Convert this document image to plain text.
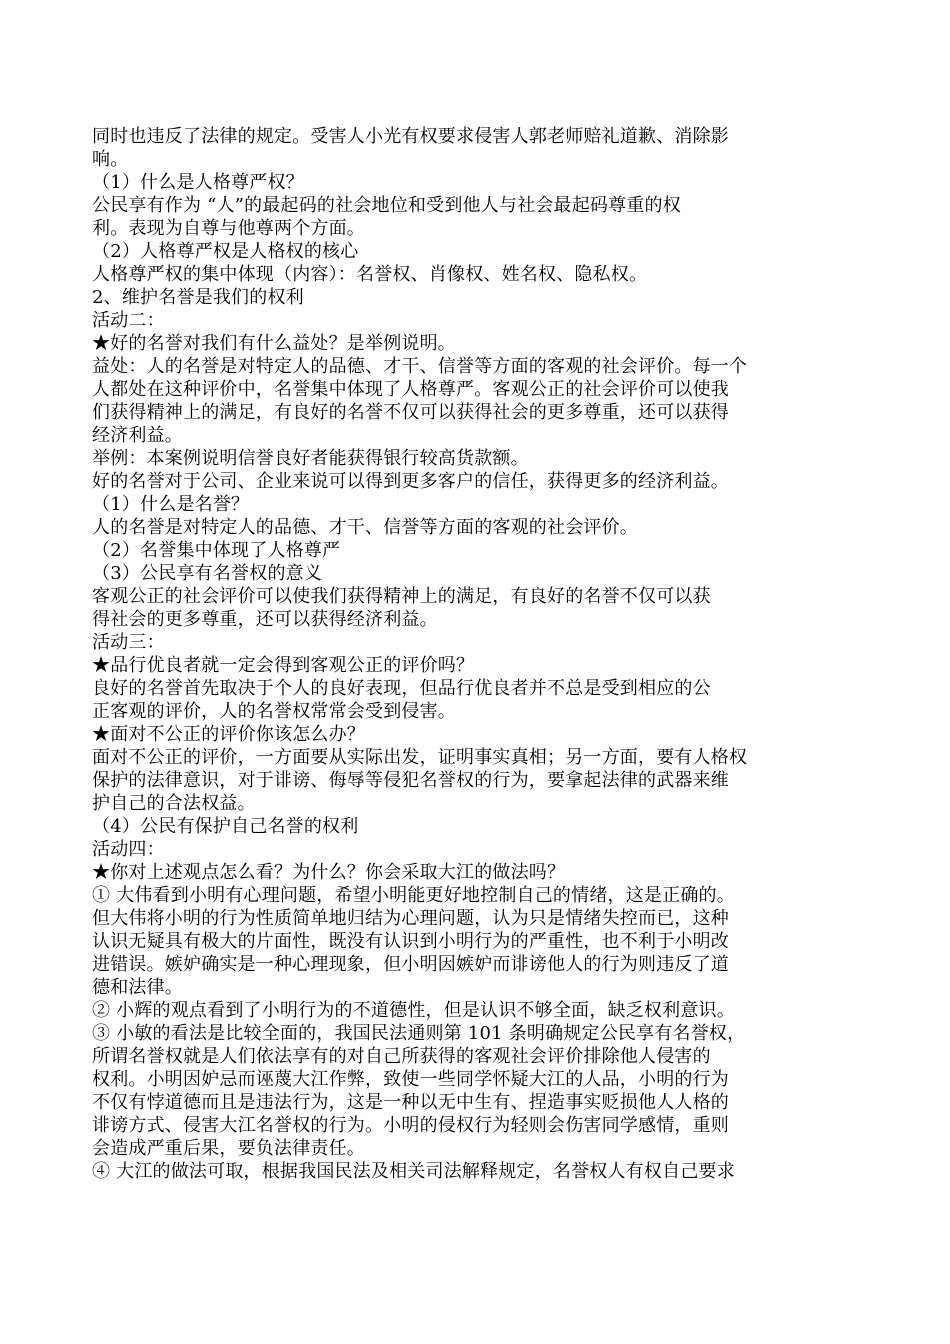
同时也违反了法律的规定。受害人小光有权要求侵害人郭老师赔礼道歉、消除影
响。
（1）什么是人格尊严权？
公民享有作为 “人”的最起码的社会地位和受到他人与社会最起码尊重的权
利。表现为自尊与他尊两个方面。
（2）人格尊严权是人格权的核心
人格尊严权的集中体现（内容）：名誉权、肖像权、姓名权、隐私权。
2、维护名誉是我们的权利
活动二：
★好的名誉对我们有什么益处？是举例说明。
益处：人的名誉是对特定人的品德、才干、信誉等方面的客观的社会评价。每一个
人都处在这种评价中，名誉集中体现了人格尊严。客观公正的社会评价可以使我
们获得精神上的满足，有良好的名誉不仅可以获得社会的更多尊重，还可以获得
经济利益。
举例：本案例说明信誉良好者能获得银行较高货款额。
好的名誉对于公司、企业来说可以得到更多客户的信任，获得更多的经济利益。
（1）什么是名誉？
人的名誉是对特定人的品德、才干、信誉等方面的客观的社会评价。
（2）名誉集中体现了人格尊严
（3）公民享有名誉权的意义
客观公正的社会评价可以使我们获得精神上的满足，有良好的名誉不仅可以获
得社会的更多尊重，还可以获得经济利益。
活动三：
★品行优良者就一定会得到客观公正的评价吗？
良好的名誉首先取决于个人的良好表现，但品行优良者并不总是受到相应的公
正客观的评价，人的名誉权常常会受到侵害。
★面对不公正的评价你该怎么办？
面对不公正的评价，一方面要从实际出发，证明事实真相；另一方面，要有人格权
保护的法律意识，对于诽谤、侮辱等侵犯名誉权的行为，要拿起法律的武器来维
护自己的合法权益。
（4）公民有保护自己名誉的权利
活动四：
★你对上述观点怎么看？为什么？你会采取大江的做法吗？
① 大伟看到小明有心理问题，希望小明能更好地控制自己的情绪，这是正确的。
但大伟将小明的行为性质简单地归结为心理问题，认为只是情绪失控而已，这种
认识无疑具有极大的片面性，既没有认识到小明行为的严重性，也不利于小明改
进错误。嫉妒确实是一种心理现象，但小明因嫉妒而诽谤他人的行为则违反了道
德和法律。
② 小辉的观点看到了小明行为的不道德性，但是认识不够全面，缺乏权利意识。
③ 小敏的看法是比较全面的，我国民法通则第 101 条明确规定公民享有名誉权，
所谓名誉权就是人们依法享有的对自己所获得的客观社会评价排除他人侵害的
权利。小明因妒忌而诬蔑大江作弊，致使一些同学怀疑大江的人品，小明的行为
不仅有悖道德而且是违法行为，这是一种以无中生有、捏造事实贬损他人人格的
诽谤方式、侵害大江名誉权的行为。小明的侵权行为轻则会伤害同学感情，重则
会造成严重后果，要负法律责任。
④ 大江的做法可取，根据我国民法及相关司法解释规定，名誉权人有权自己要求
